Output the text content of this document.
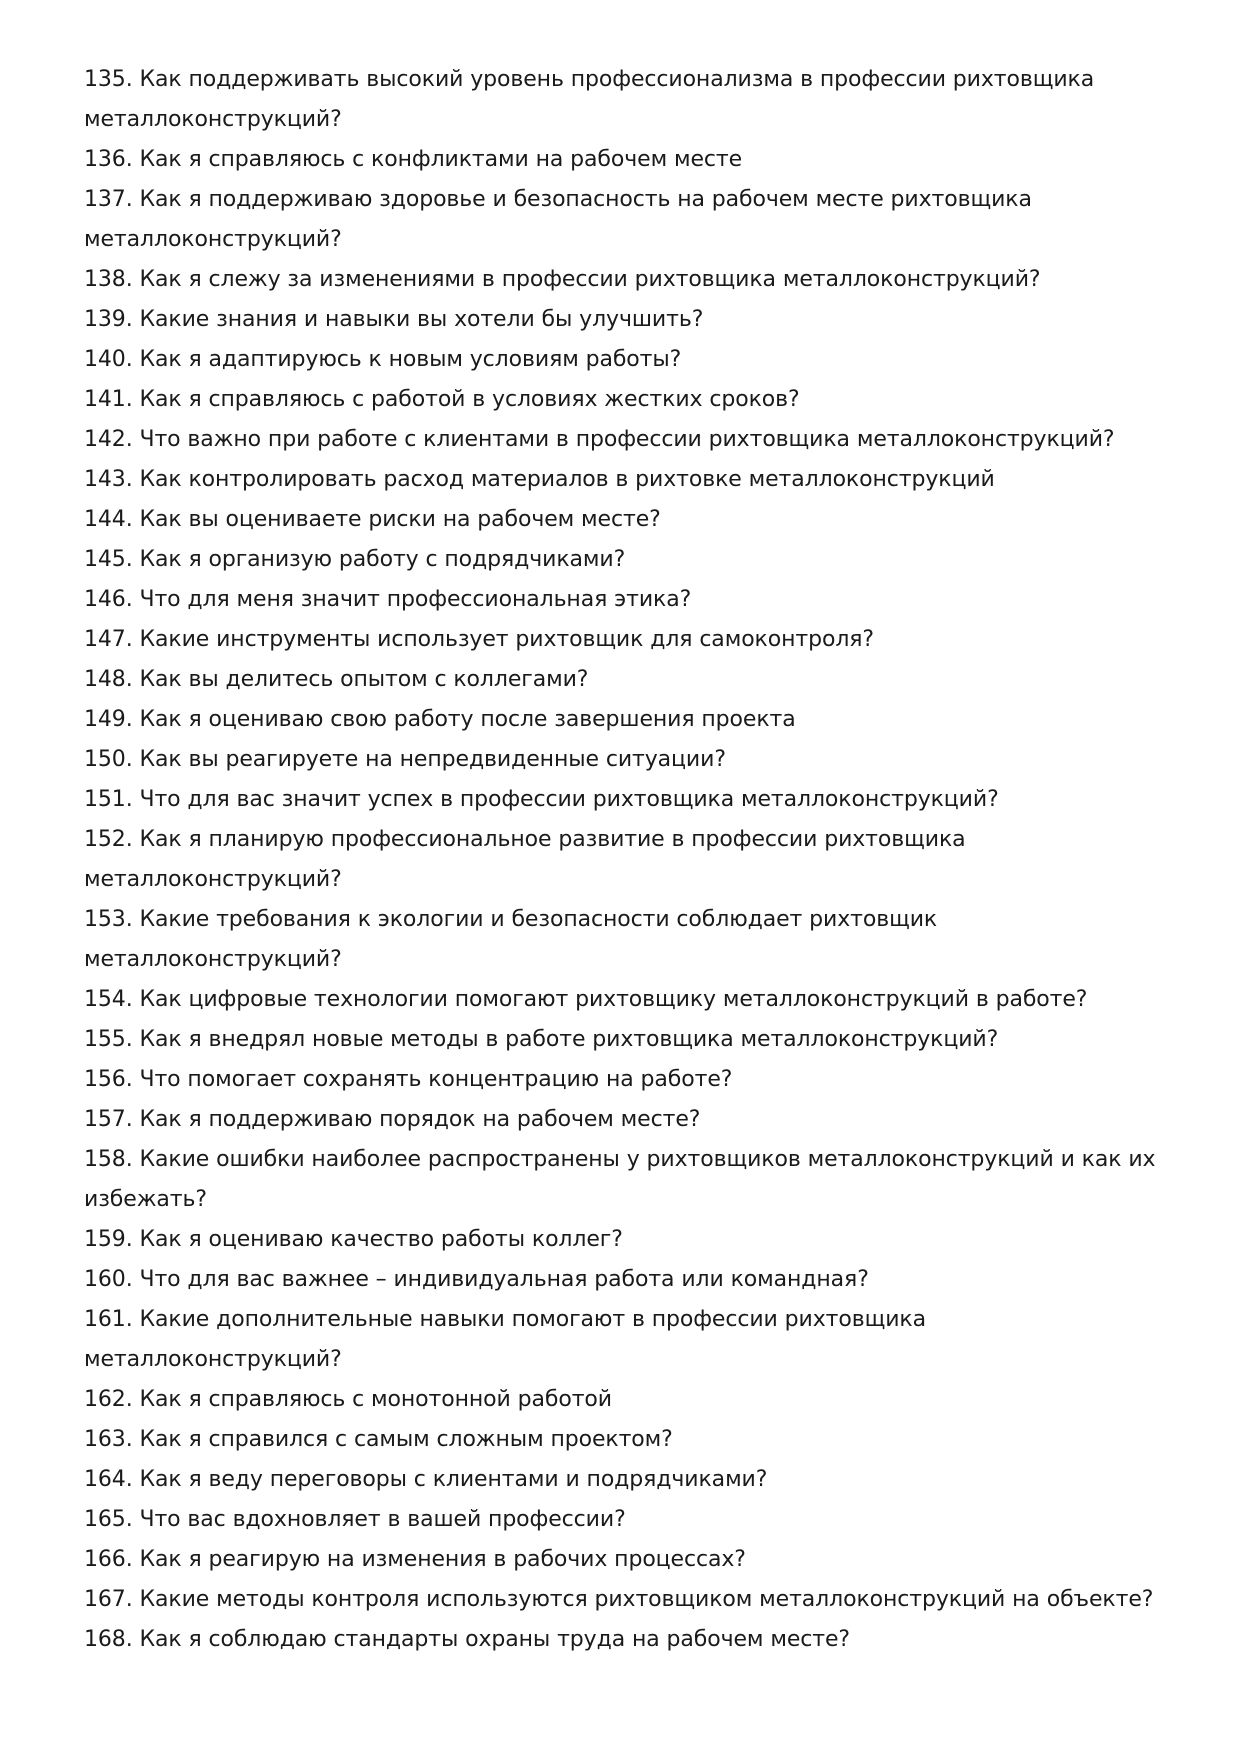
135. Как поддерживать высокий уровень профессионализма в профессии рихтовщика металлоконструкций?
136. Как я справляюсь с конфликтами на рабочем месте
137. Как я поддерживаю здоровье и безопасность на рабочем месте рихтовщика металлоконструкций?
138. Как я слежу за изменениями в профессии рихтовщика металлоконструкций?
139. Какие знания и навыки вы хотели бы улучшить?
140. Как я адаптируюсь к новым условиям работы?
141. Как я справляюсь с работой в условиях жестких сроков?
142. Что важно при работе с клиентами в профессии рихтовщика металлоконструкций?
143. Как контролировать расход материалов в рихтовке металлоконструкций
144. Как вы оцениваете риски на рабочем месте?
145. Как я организую работу с подрядчиками?
146. Что для меня значит профессиональная этика?
147. Какие инструменты использует рихтовщик для самоконтроля?
148. Как вы делитесь опытом с коллегами?
149. Как я оцениваю свою работу после завершения проекта
150. Как вы реагируете на непредвиденные ситуации?
151. Что для вас значит успех в профессии рихтовщика металлоконструкций?
152. Как я планирую профессиональное развитие в профессии рихтовщика металлоконструкций?
153. Какие требования к экологии и безопасности соблюдает рихтовщик металлоконструкций?
154. Как цифровые технологии помогают рихтовщику металлоконструкций в работе?
155. Как я внедрял новые методы в работе рихтовщика металлоконструкций?
156. Что помогает сохранять концентрацию на работе?
157. Как я поддерживаю порядок на рабочем месте?
158. Какие ошибки наиболее распространены у рихтовщиков металлоконструкций и как их избежать?
159. Как я оцениваю качество работы коллег?
160. Что для вас важнее – индивидуальная работа или командная?
161. Какие дополнительные навыки помогают в профессии рихтовщика металлоконструкций?
162. Как я справляюсь с монотонной работой
163. Как я справился с самым сложным проектом?
164. Как я веду переговоры с клиентами и подрядчиками?
165. Что вас вдохновляет в вашей профессии?
166. Как я реагирую на изменения в рабочих процессах?
167. Какие методы контроля используются рихтовщиком металлоконструкций на объекте?
168. Как я соблюдаю стандарты охраны труда на рабочем месте?
